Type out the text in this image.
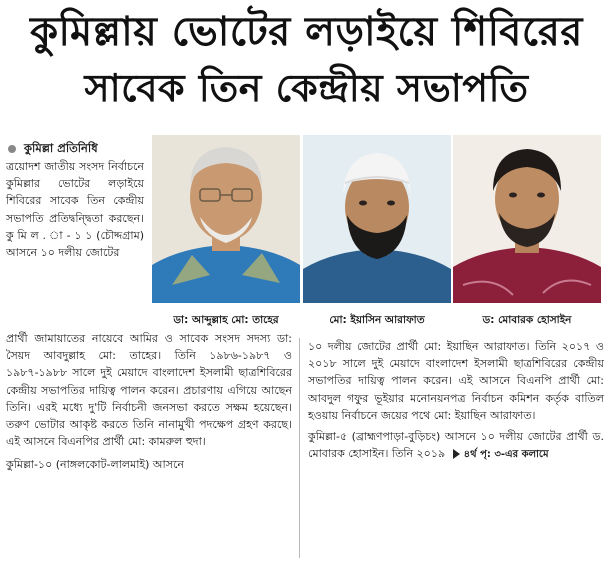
কুমিল্লায় ভোটের লড়াইয়ে শিবিরের
সাবেক তিন কেন্দ্রীয় সভাপতি
কুমিল্লা প্রতিনিধি

ত্রয়োদশ জাতীয় সংসদ নির্বাচনে কুমিল্লার ভোটের লড়াইয়ে শিবিরের সাবেক তিন কেন্দ্রীয় সভাপতি প্রতিদ্বন্দ্বিতা করছেন। কু মি ল . া - ১ ১ (চৌদ্দগ্রাম) আসনে ১০ দলীয় জোটের

ডা: আব্দুল্লাহ মো: তাহের	মো: ইয়াসিন আরাফাত	ড: মোবারক হোসাইন

প্রার্থী জামায়াতের নায়েবে আমির ও সাবেক সংসদ সদস্য ডা: সৈয়দ আবদুল্লাহ মো: তাহের। তিনি ১৯৮৬-১৯৮৭ ও ১৯৮৭-১৯৮৮ সালে দুই মেয়াদে বাংলাদেশ ইসলামী ছাত্রশিবিরের কেন্দ্রীয় সভাপতির দায়িত্ব পালন করেন। প্রচারণায় এগিয়ে আছেন তিনি। এরই মধ্যে দু'টি নির্বাচনী জনসভা করতে সক্ষম হয়েছেন। তরুণ ভোটার আকৃষ্ট করতে তিনি নানামুখী পদক্ষেপ গ্রহণ করছে। এই আসনে বিএনপির প্রার্থী মো: কামরুল হুদা।

কুমিল্লা-১০ (নাঙ্গলকোট-লালমাই) আসনে

১০ দলীয় জোটের প্রার্থী মো: ইয়াছিন আরাফাত। তিনি ২০১৭ ও ২০১৮ সালে দুই মেয়াদে বাংলাদেশ ইসলামী ছাত্রশিবিরের কেন্দ্রীয় সভাপতির দায়িত্ব পালন করেন। এই আসনে বিএনপি প্রার্থী মো: আবদুল গফুর ভূইয়ার মনোনয়নপত্র নির্বাচন কমিশন কর্তৃক বাতিল হওয়ায় নির্বাচনে জয়ের পথে মো: ইয়াছিন আরাফাত।

কুমিল্লা-৫ (ব্রাহ্মণপাড়া-বুড়িচং) আসনে ১০ দলীয় জোটের প্রার্থী ড. মোবারক হোসাইন। তিনি ২০১৯ ৪র্থ পৃ: ৩-এর কলামে
